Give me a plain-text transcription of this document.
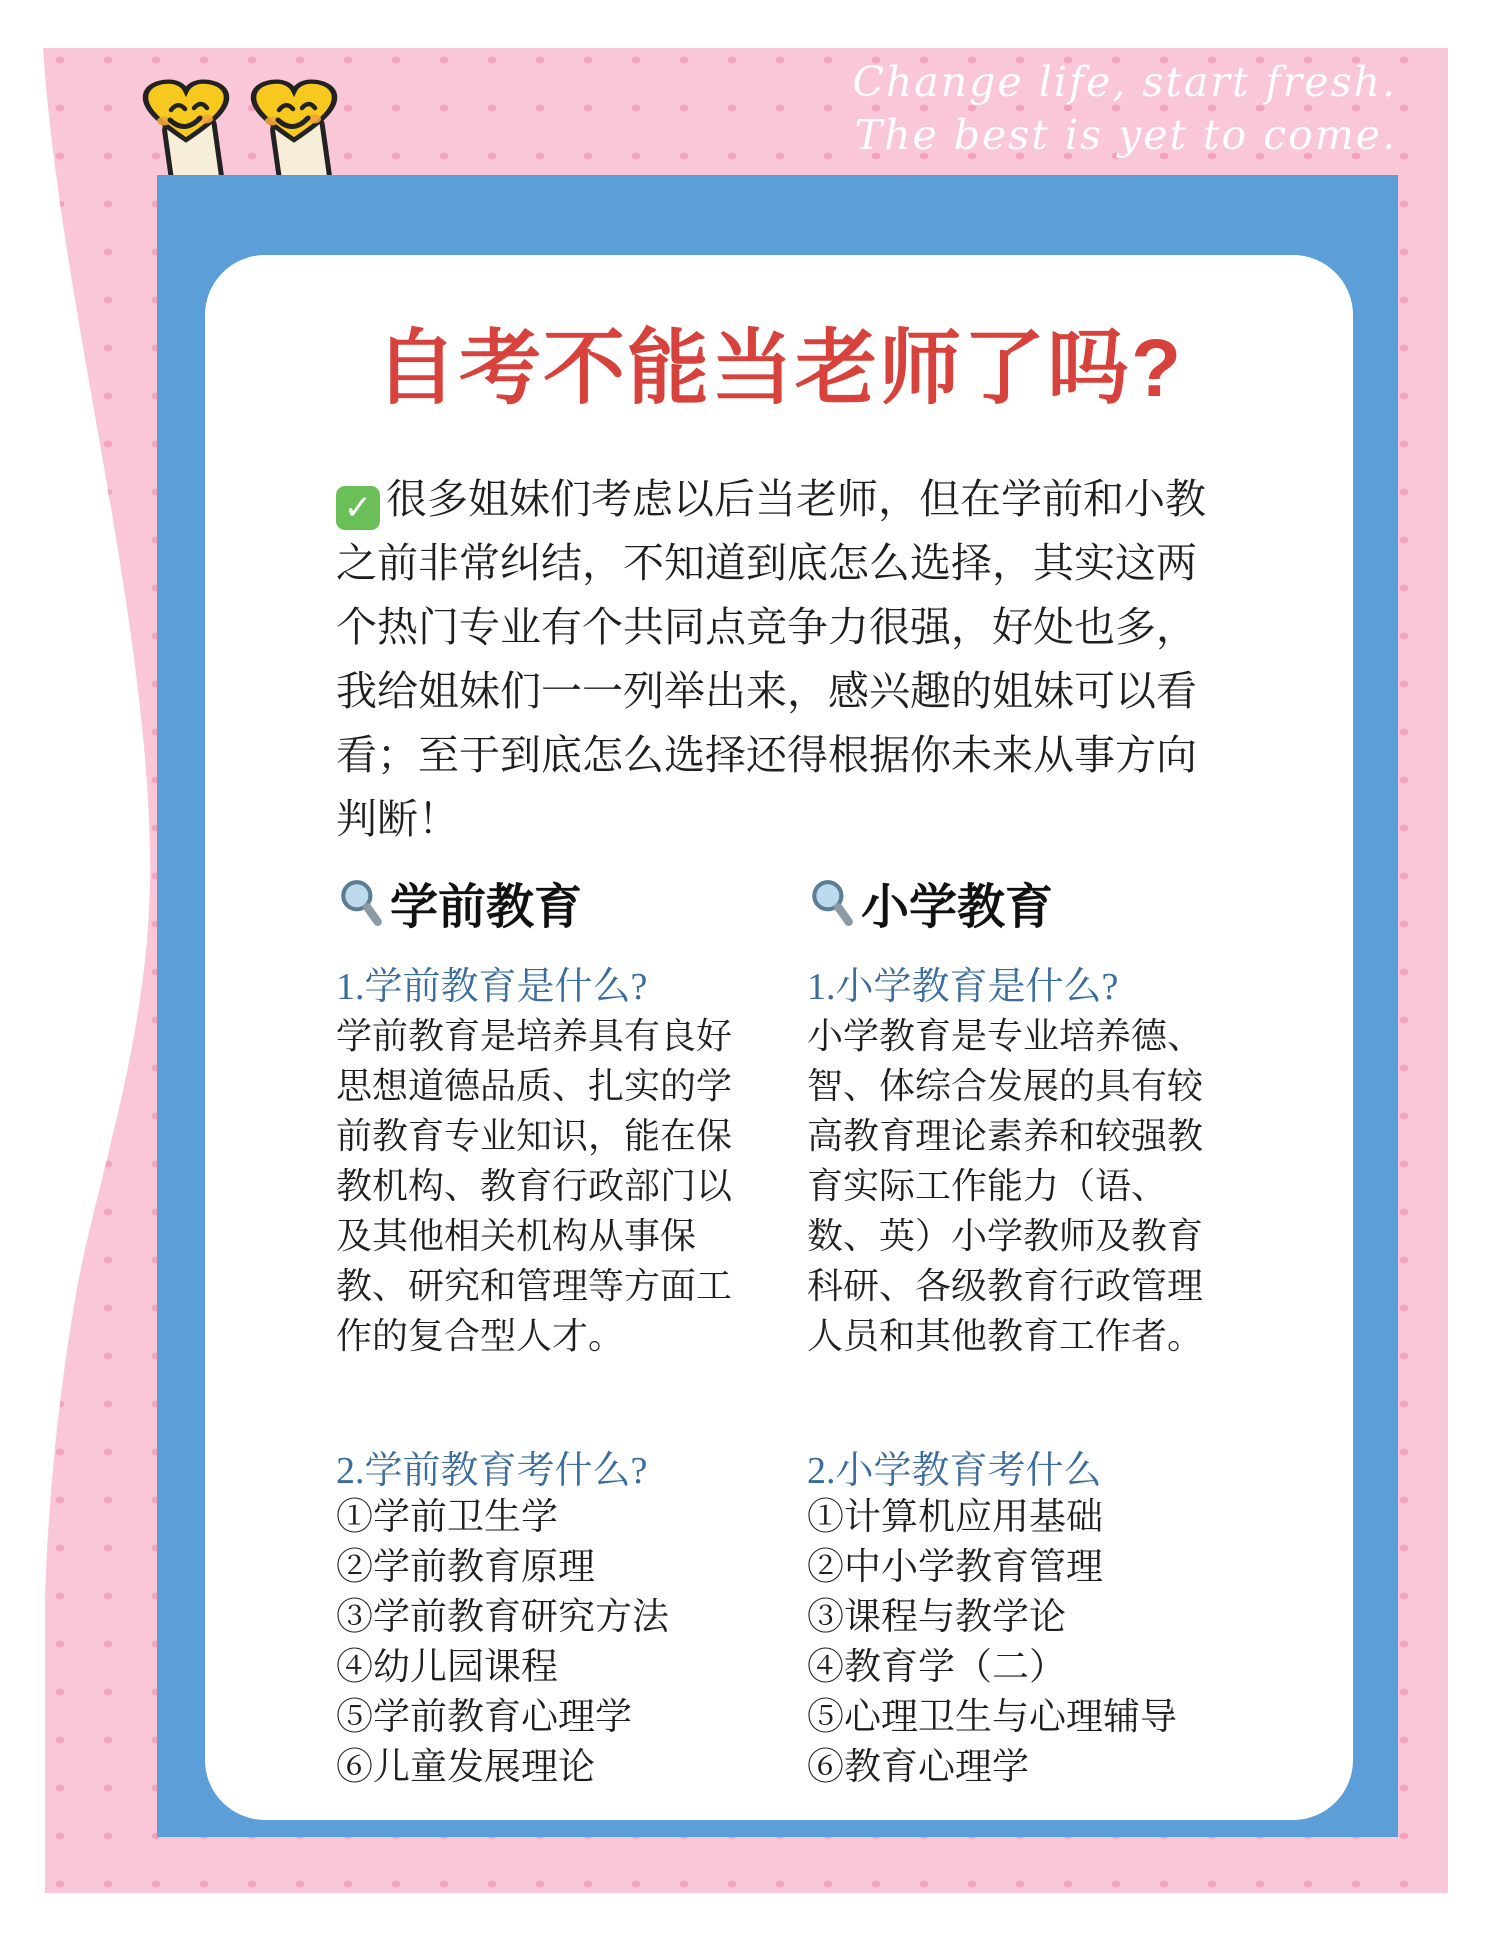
Change life, start fresh.
The best is yet to come.
自考不能当老师了吗?
✓ 很多姐妹们考虑以后当老师，但在学前和小教
之前非常纠结，不知道到底怎么选择，其实这两
个热门专业有个共同点竞争力很强，好处也多，
我给姐妹们一一列举出来，感兴趣的姐妹可以看
看；至于到底怎么选择还得根据你未来从事方向
判断！
学前教育
1.学前教育是什么?
学前教育是培养具有良好
思想道德品质、扎实的学
前教育专业知识，能在保
教机构、教育行政部门以
及其他相关机构从事保
教、研究和管理等方面工
作的复合型人才。
2.学前教育考什么?
①学前卫生学
②学前教育原理
③学前教育研究方法
④幼儿园课程
⑤学前教育心理学
⑥儿童发展理论
小学教育
1.小学教育是什么?
小学教育是专业培养德、
智、体综合发展的具有较
高教育理论素养和较强教
育实际工作能力（语、
数、英）小学教师及教育
科研、各级教育行政管理
人员和其他教育工作者。
2.小学教育考什么
①计算机应用基础
②中小学教育管理
③课程与教学论
④教育学（二）
⑤心理卫生与心理辅导
⑥教育心理学
